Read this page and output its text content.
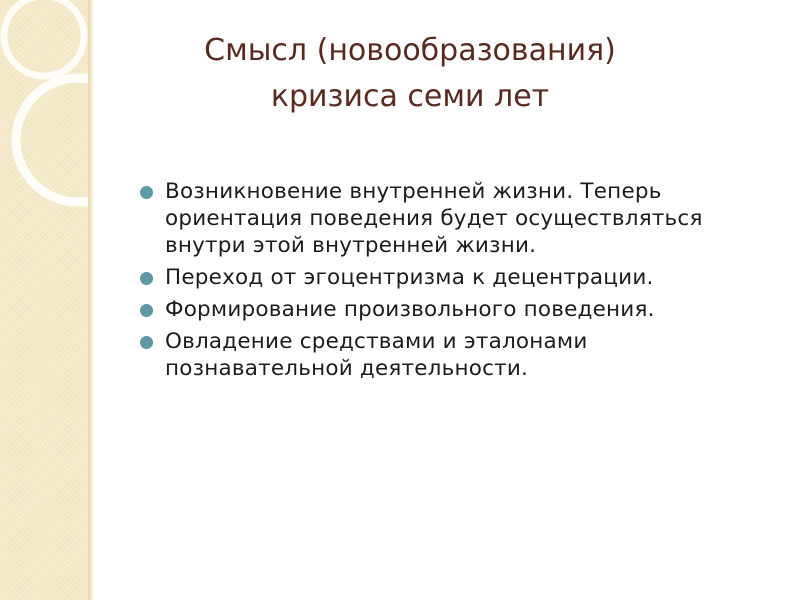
Смысл (новообразования)
кризиса семи лет
Возникновение внутренней жизни. Теперь ориентация поведения будет осуществляться внутри этой внутренней жизни.
Переход от эгоцентризма к децентрации.
Формирование произвольного поведения.
Овладение средствами и эталонами познавательной деятельности.
